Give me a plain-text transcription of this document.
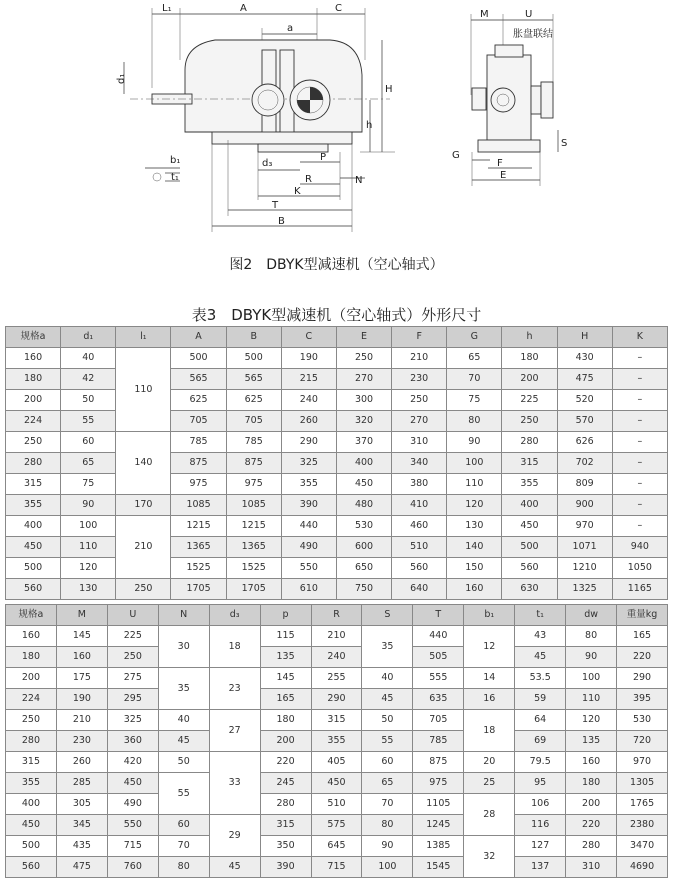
L₁	A	C
a
d₁
H
h
b₁
t₁
d₃
P
R	N
K
T
B
M	U
胀盘联结
G
S
F
E
图2　DBYK型减速机（空心轴式）
表3　DBYK型减速机（空心轴式）外形尺寸
规格a	d₁	l₁	A	B	C	E	F	G	h	H	K
160	40	110	500	500	190	250	210	65	180	430	–
180	42		565	565	215	270	230	70	200	475	–
200	50		625	625	240	300	250	75	225	520	–
224	55		705	705	260	320	270	80	250	570	–
250	60	140	785	785	290	370	310	90	280	626	–
280	65		875	875	325	400	340	100	315	702	–
315	75		975	975	355	450	380	110	355	809	–
355	90	170	1085	1085	390	480	410	120	400	900	–
400	100	210	1215	1215	440	530	460	130	450	970	–
450	110		1365	1365	490	600	510	140	500	1071	940
500	120		1525	1525	550	650	560	150	560	1210	1050
560	130	250	1705	1705	610	750	640	160	630	1325	1165
规格a	M	U	N	d₃	p	R	S	T	b₁	t₁	dw	重量kg
160	145	225	30	18	115	210	35	440	12	43	80	165
180	160	250			135	240		505		45	90	220
200	175	275	35	23	145	255	40	555	14	53.5	100	290
224	190	295			165	290	45	635	16	59	110	395
250	210	325	40	27	180	315	50	705	18	64	120	530
280	230	360	45		200	355	55	785		69	135	720
315	260	420	50	33	220	405	60	875	20	79.5	160	970
355	285	450	55		245	450	65	975	25	95	180	1305
400	305	490			280	510	70	1105	28	106	200	1765
450	345	550	60	29	315	575	80	1245		116	220	2380
500	435	715	70		350	645	90	1385	32	127	280	3470
560	475	760	80	45	390	715	100	1545		137	310	4690
